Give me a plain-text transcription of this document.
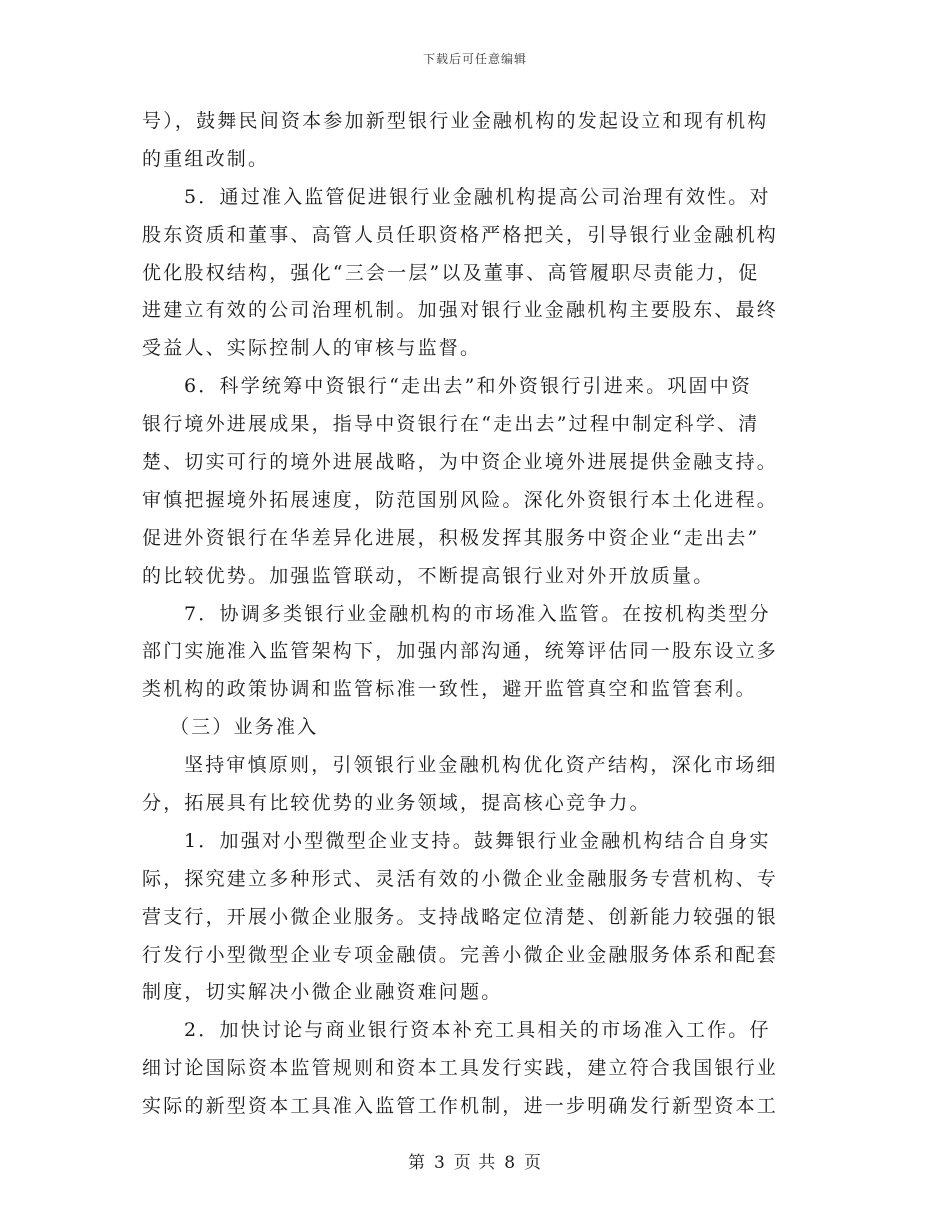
下载后可任意编辑
号），鼓舞民间资本参加新型银行业金融机构的发起设立和现有机构
的重组改制。
5．通过准入监管促进银行业金融机构提高公司治理有效性。对
股东资质和董事、高管人员任职资格严格把关，引导银行业金融机构
优化股权结构，强化“三会一层”以及董事、高管履职尽责能力，促
进建立有效的公司治理机制。加强对银行业金融机构主要股东、最终
受益人、实际控制人的审核与监督。
6．科学统筹中资银行“走出去”和外资银行引进来。巩固中资
银行境外进展成果，指导中资银行在“走出去”过程中制定科学、清
楚、切实可行的境外进展战略，为中资企业境外进展提供金融支持。
审慎把握境外拓展速度，防范国别风险。深化外资银行本土化进程。
促进外资银行在华差异化进展，积极发挥其服务中资企业“走出去”
的比较优势。加强监管联动，不断提高银行业对外开放质量。
7．协调多类银行业金融机构的市场准入监管。在按机构类型分
部门实施准入监管架构下，加强内部沟通，统筹评估同一股东设立多
类机构的政策协调和监管标准一致性，避开监管真空和监管套利。
（三）业务准入
坚持审慎原则，引领银行业金融机构优化资产结构，深化市场细
分，拓展具有比较优势的业务领域，提高核心竞争力。
1．加强对小型微型企业支持。鼓舞银行业金融机构结合自身实
际，探究建立多种形式、灵活有效的小微企业金融服务专营机构、专
营支行，开展小微企业服务。支持战略定位清楚、创新能力较强的银
行发行小型微型企业专项金融债。完善小微企业金融服务体系和配套
制度，切实解决小微企业融资难问题。
2．加快讨论与商业银行资本补充工具相关的市场准入工作。仔
细讨论国际资本监管规则和资本工具发行实践，建立符合我国银行业
实际的新型资本工具准入监管工作机制，进一步明确发行新型资本工
第 3 页 共 8 页
